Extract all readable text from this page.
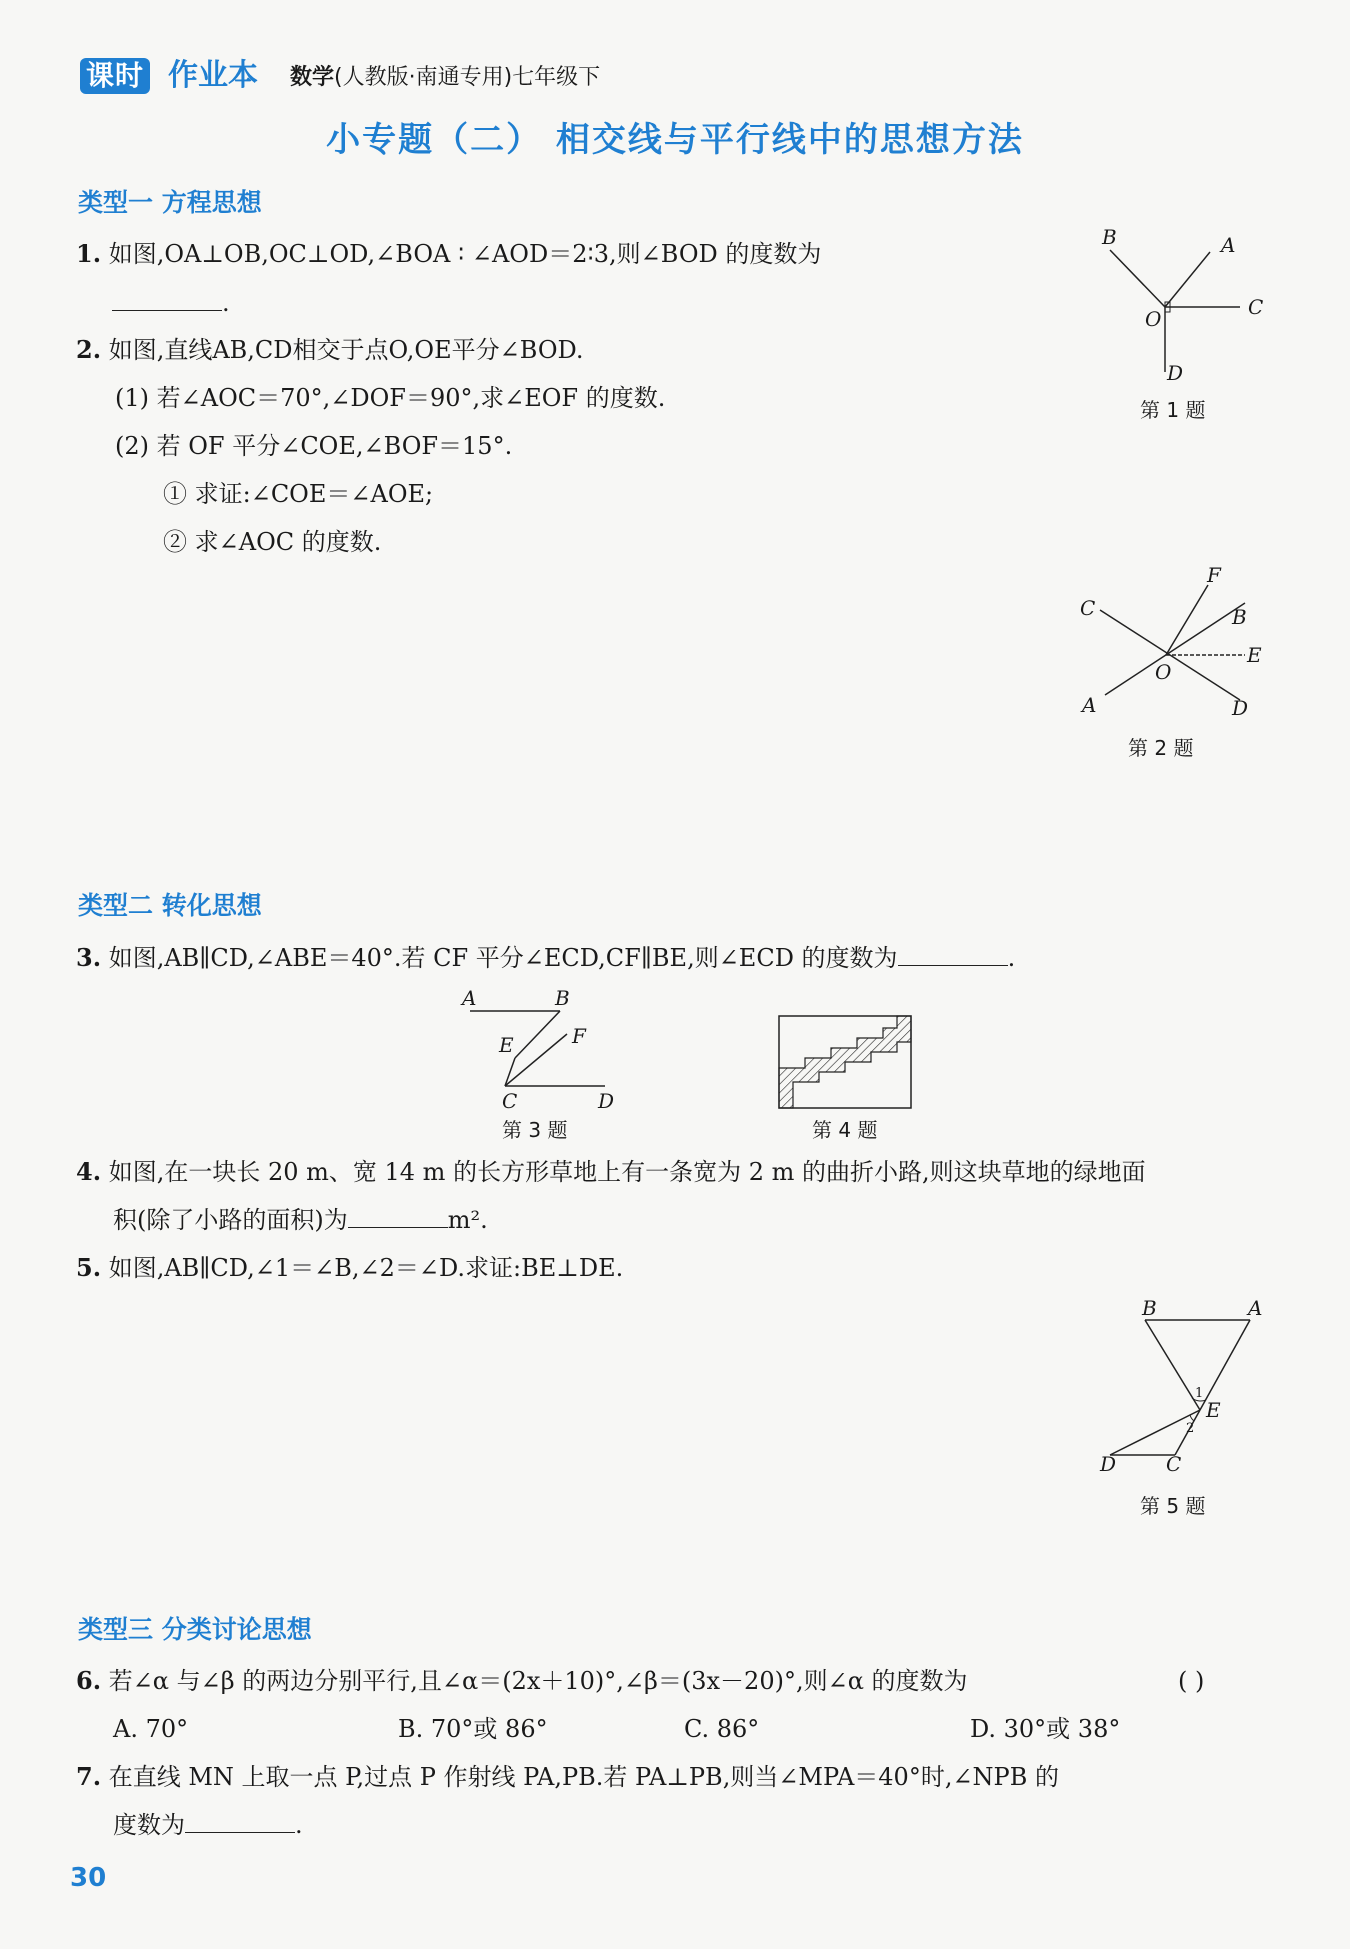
课时 作业本 数学(人教版·南通专用)七年级下
小专题（二） 相交线与平行线中的思想方法
类型一 方程思想
1. 如图,OA⊥OB,OC⊥OD,∠BOA ∶ ∠AOD＝2∶3,则∠BOD 的度数为
.
2. 如图,直线AB,CD相交于点O,OE平分∠BOD.
(1) 若∠AOC＝70°,∠DOF＝90°,求∠EOF 的度数.
(2) 若 OF 平分∠COE,∠BOF＝15°.
① 求证:∠COE＝∠AOE;
② 求∠AOC 的度数.
B	A
O	C
D
第 1 题
F
C	B
E
O
A	D
第 2 题
类型二 转化思想
3. 如图,AB∥CD,∠ABE＝40°.若 CF 平分∠ECD,CF∥BE,则∠ECD 的度数为	.
A	B
E	F
C	D
第 3 题	第 4 题
4. 如图,在一块长 20 m、宽 14 m 的长方形草地上有一条宽为 2 m 的曲折小路,则这块草地的绿地面
积(除了小路的面积)为	m².
5. 如图,AB∥CD,∠1＝∠B,∠2＝∠D.求证:BE⊥DE.
B	A
1
E
2
D C
第 5 题
类型三 分类讨论思想
6. 若∠α 与∠β 的两边分别平行,且∠α＝(2x＋10)°,∠β＝(3x－20)°,则∠α 的度数为	( )
A. 70°	B. 70°或 86°	C. 86°	D. 30°或 38°
7. 在直线 MN 上取一点 P,过点 P 作射线 PA,PB.若 PA⊥PB,则当∠MPA＝40°时,∠NPB 的
度数为	.
30
